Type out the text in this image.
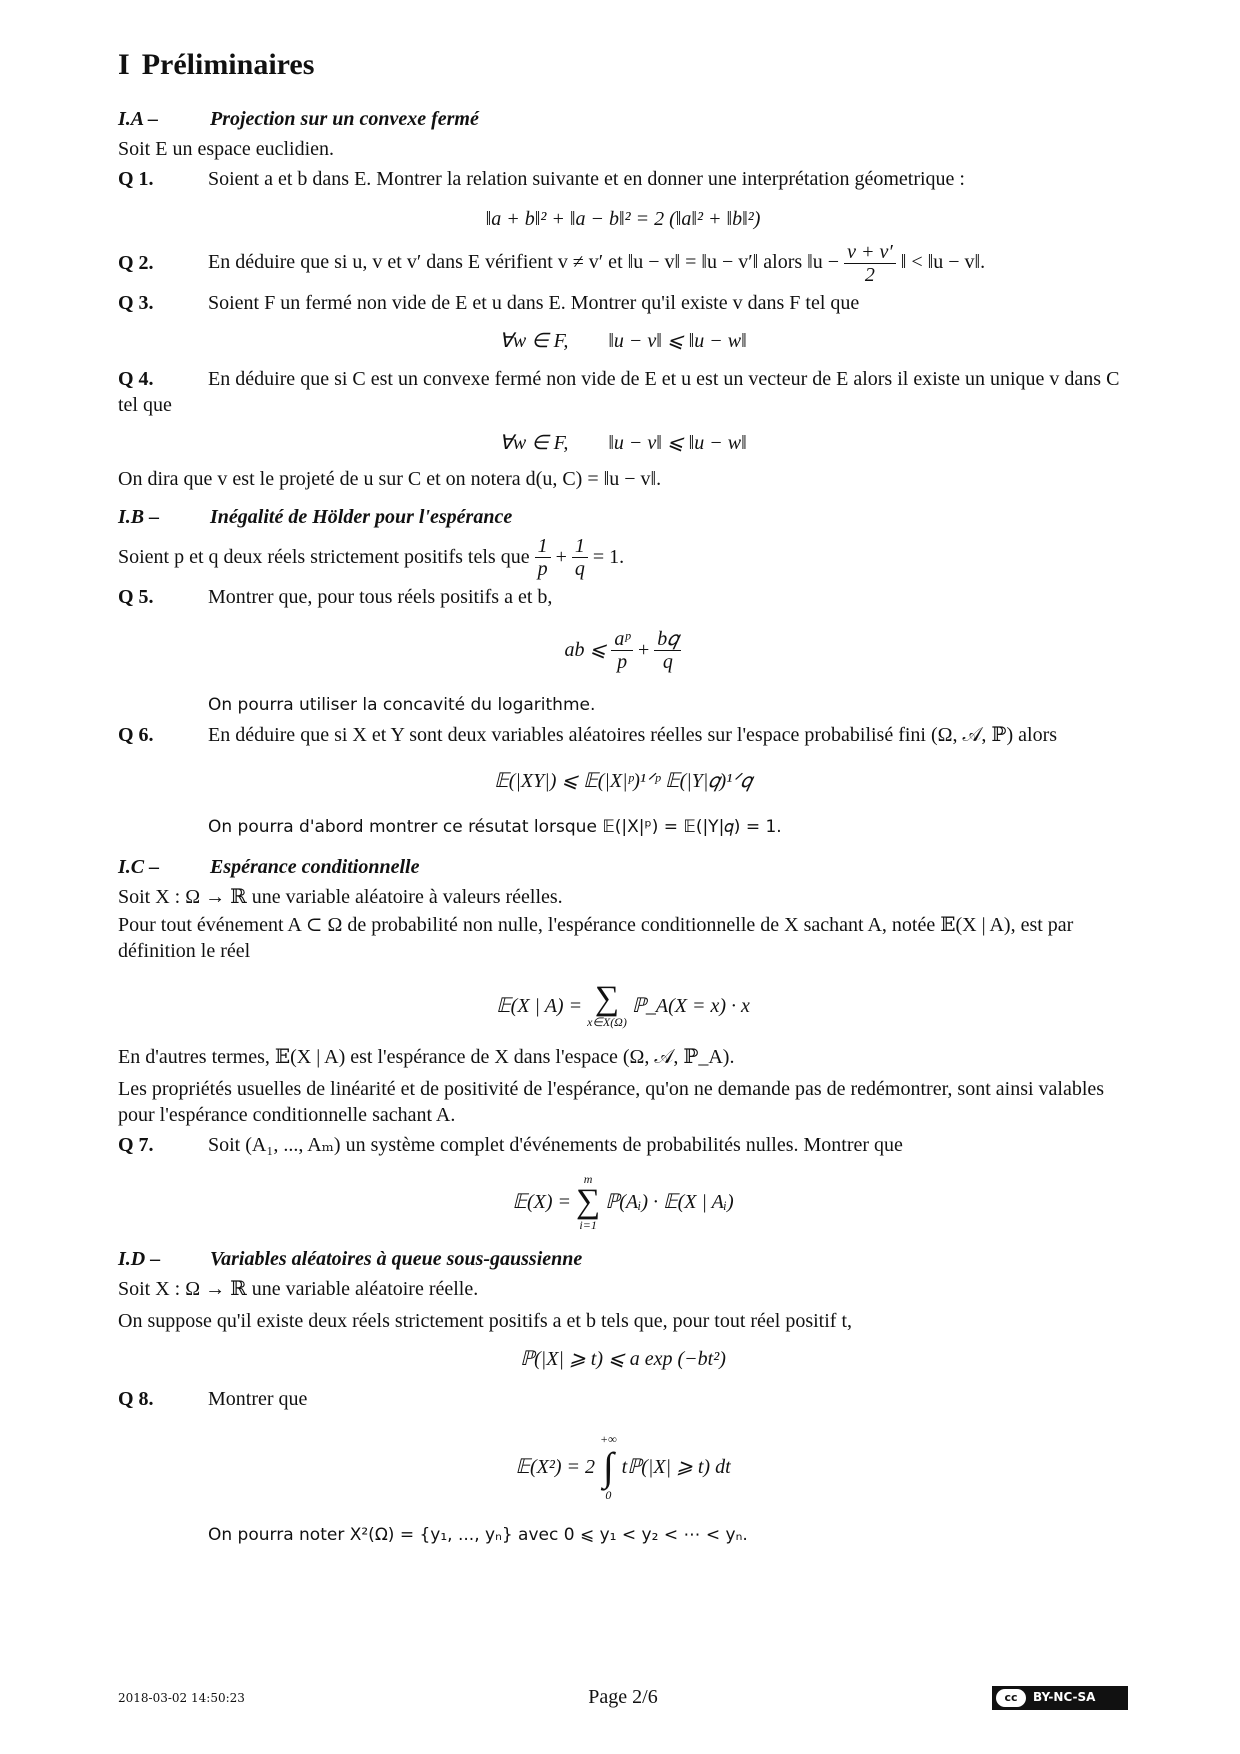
I Préliminaires
I.A –	Projection sur un convexe fermé
Soit E un espace euclidien.
Q 1.	Soient a et b dans E. Montrer la relation suivante et en donner une interprétation géometrique :
‖a + b‖² + ‖a − b‖² = 2 (‖a‖² + ‖b‖²)
Q 2.	En déduire que si u, v et v′ dans E vérifient v ≠ v′ et ‖u − v‖ = ‖u − v′‖ alors ‖u − $\frac{v + v'}{2}$ ‖ < ‖u − v‖.
Q 3.	Soient F un fermé non vide de E et u dans E. Montrer qu'il existe v dans F tel que
∀w ∈ F,        ‖u − v‖ ⩽ ‖u − w‖
Q 4.	En déduire que si C est un convexe fermé non vide de E et u est un vecteur de E alors il existe un unique v dans C tel que
∀w ∈ F,        ‖u − v‖ ⩽ ‖u − w‖
On dira que v est le projeté de u sur C et on notera d(u, C) = ‖u − v‖.
I.B –	Inégalité de Hölder pour l'espérance
Soient p et q deux réels strictement positifs tels que
$\frac{1}{p}$
+
$\frac{1}{q}$
= 1.
Q 5.	Montrer que, pour tous réels positifs a et b,
ab ⩽
$\frac{\text{aᵖ}}{p}$
+
$\frac{\text{b𝑞}}{q}$
On pourra utiliser la concavité du logarithme.
Q 6.	En déduire que si X et Y sont deux variables aléatoires réelles sur l'espace probabilisé fini (Ω, 𝒜, ℙ) alors
𝔼(|XY|) ⩽ 𝔼(|X|ᵖ)¹ᐟᵖ 𝔼(|Y|𝑞)¹ᐟ𝑞
On pourra d'abord montrer ce résutat lorsque 𝔼(|X|ᵖ) = 𝔼(|Y|𝑞) = 1.
I.C –	Espérance conditionnelle
Soit X : Ω → ℝ une variable aléatoire à valeurs réelles.
Pour tout événement A ⊂ Ω de probabilité non nulle, l'espérance conditionnelle de X sachant A, notée 𝔼(X | A), est par définition le réel
𝔼(X | A) =
∑
x∈X(Ω)

ℙ_A(X = x) · x
En d'autres termes, 𝔼(X | A) est l'espérance de X dans l'espace (Ω, 𝒜, ℙ_A).
Les propriétés usuelles de linéarité et de positivité de l'espérance, qu'on ne demande pas de redémontrer, sont ainsi valables pour l'espérance conditionnelle sachant A.
Q 7.	Soit (A₁, ..., Aₘ) un système complet d'événements de probabilités nulles. Montrer que
𝔼(X) =

m
∑
i=1

ℙ(Aᵢ) · 𝔼(X | Aᵢ)
I.D – Variables aléatoires à queue sous-gaussienne
Soit X : Ω → ℝ une variable aléatoire réelle.
On suppose qu'il existe deux réels strictement positifs a et b tels que, pour tout réel positif t,
ℙ(|X| ⩾ t) ⩽ a exp (−bt²)
Q 8.	Montrer que
𝔼(X²) = 2

+∞
∫
0

tℙ(|X| ⩾ t) dt
On pourra noter X²(Ω) = {y₁, ..., yₙ} avec 0 ⩽ y₁ < y₂ < ⋯ < yₙ.
2018-03-02 14:50:23	Page 2/6	cc	BY-NC-SA
